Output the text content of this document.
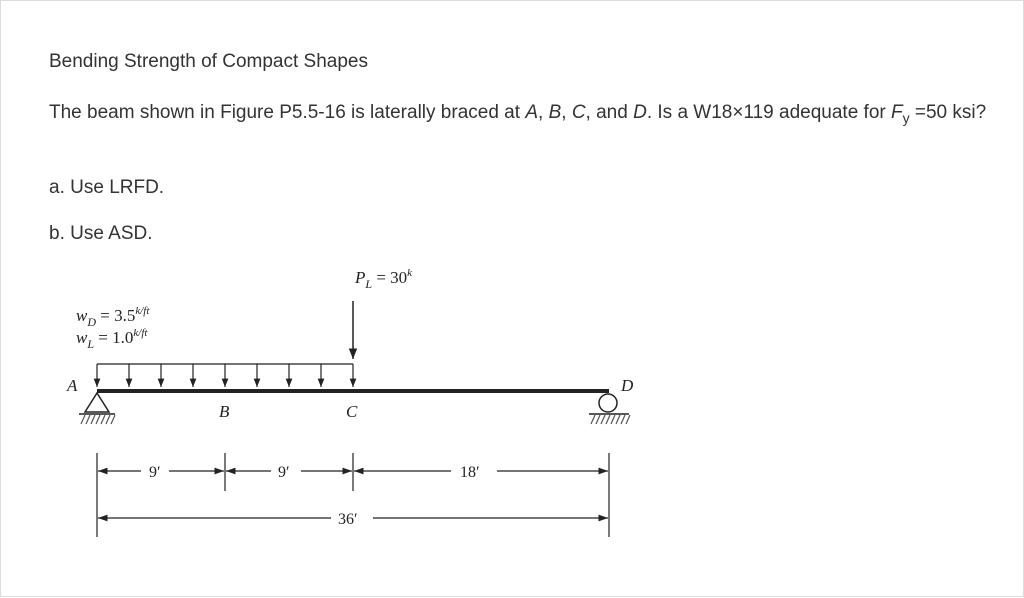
Bending Strength of Compact Shapes
The beam shown in Figure P5.5-16 is laterally braced at A, B, C, and D. Is a W18×119 adequate for $F_y =50$ ksi?
a. Use LRFD.
b. Use ASD.
$w_D = 3.5^{k/ft}$
$w_L = 1.0^{k/ft}$
$P_L = 30^k$
A
B	C
D
9′	9′	18′
36′
